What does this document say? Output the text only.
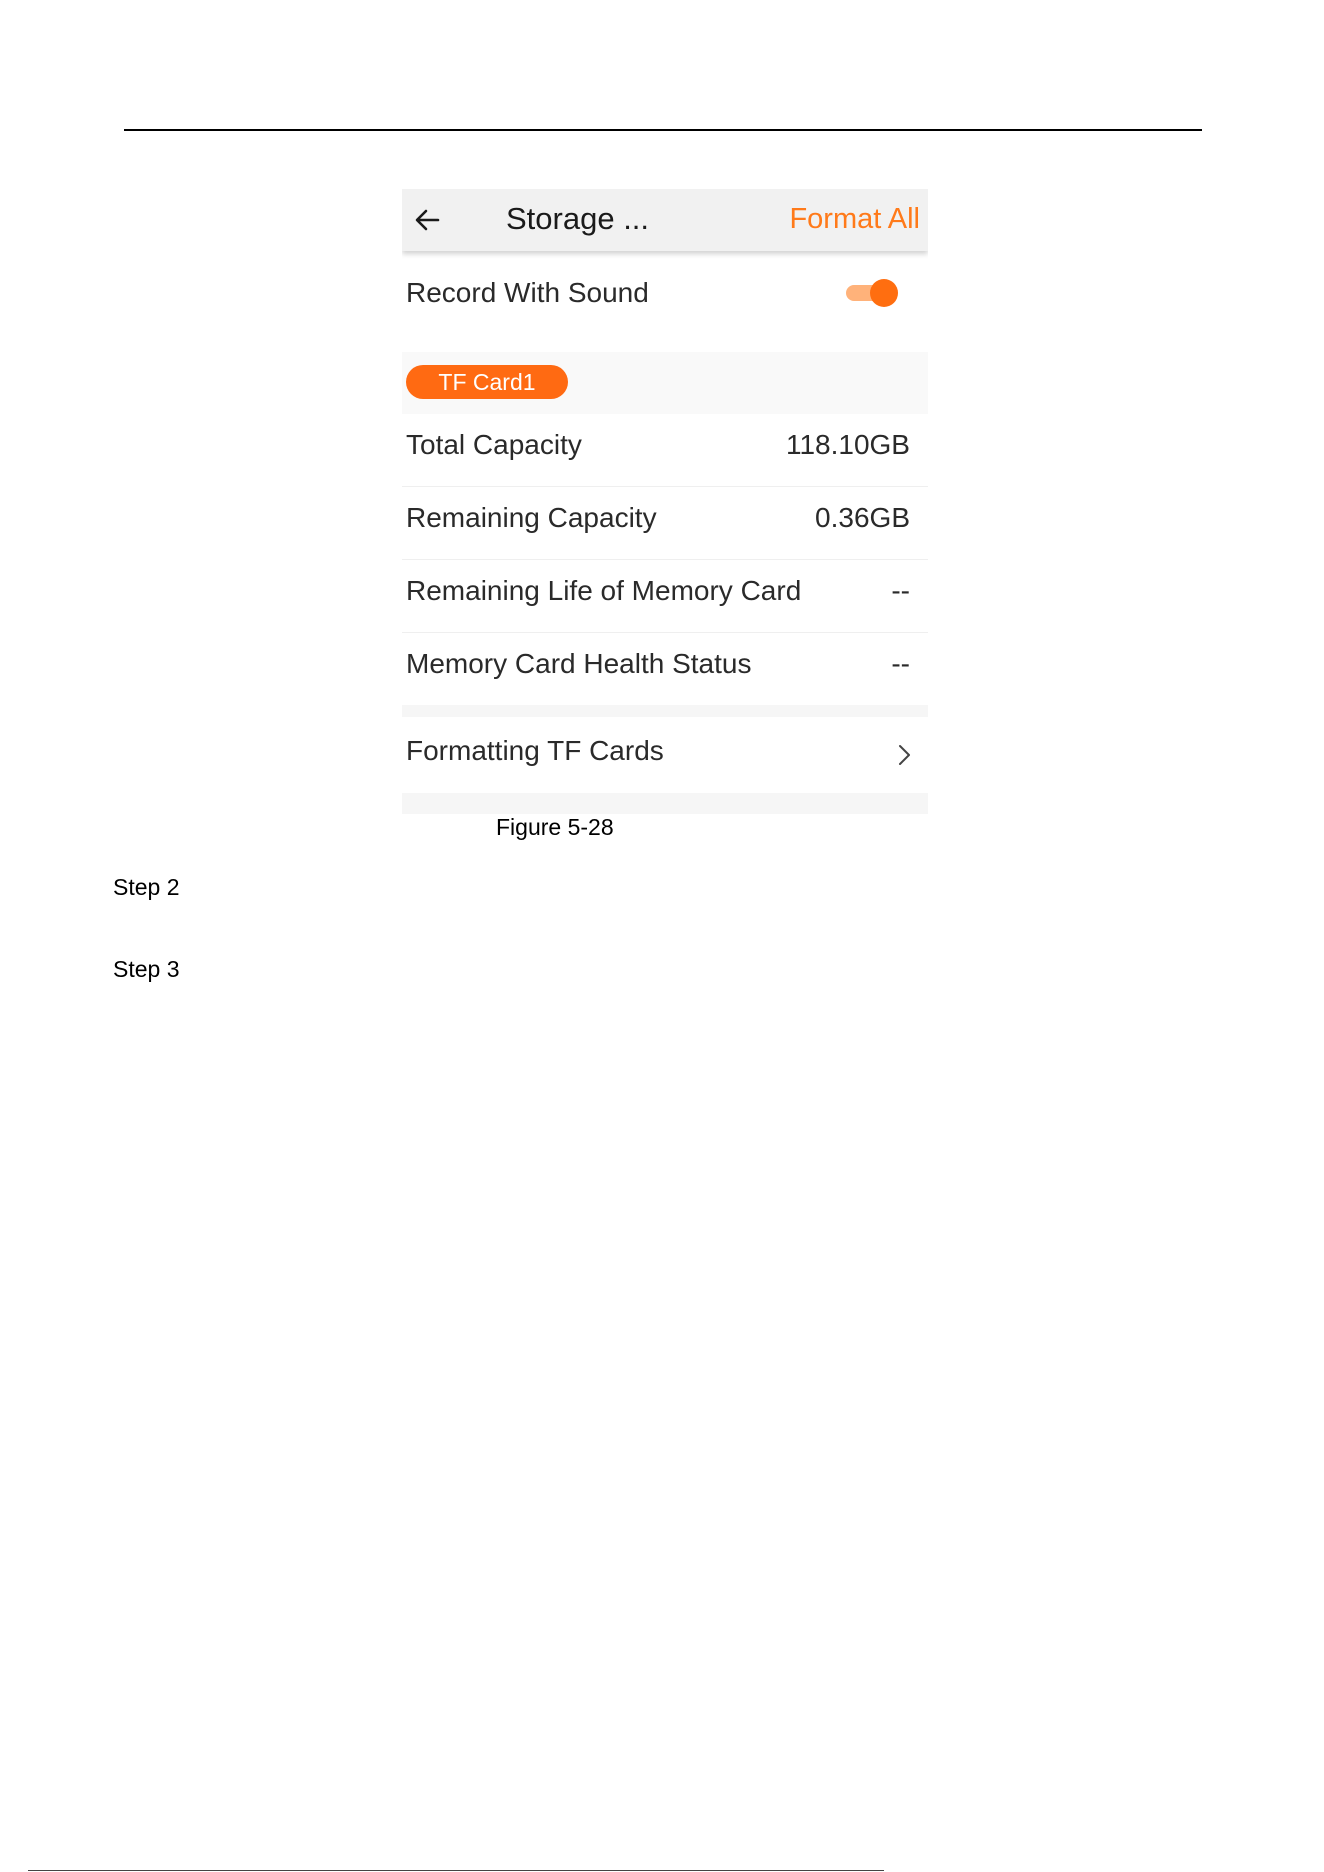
Storage ...	Format All
Record With Sound
TF Card1
Total Capacity	118.10GB
Remaining Capacity	0.36GB
Remaining Life of Memory Card	--
Memory Card Health Status	--
Formatting TF Cards
Figure 5-28
Step 2
Step 3
